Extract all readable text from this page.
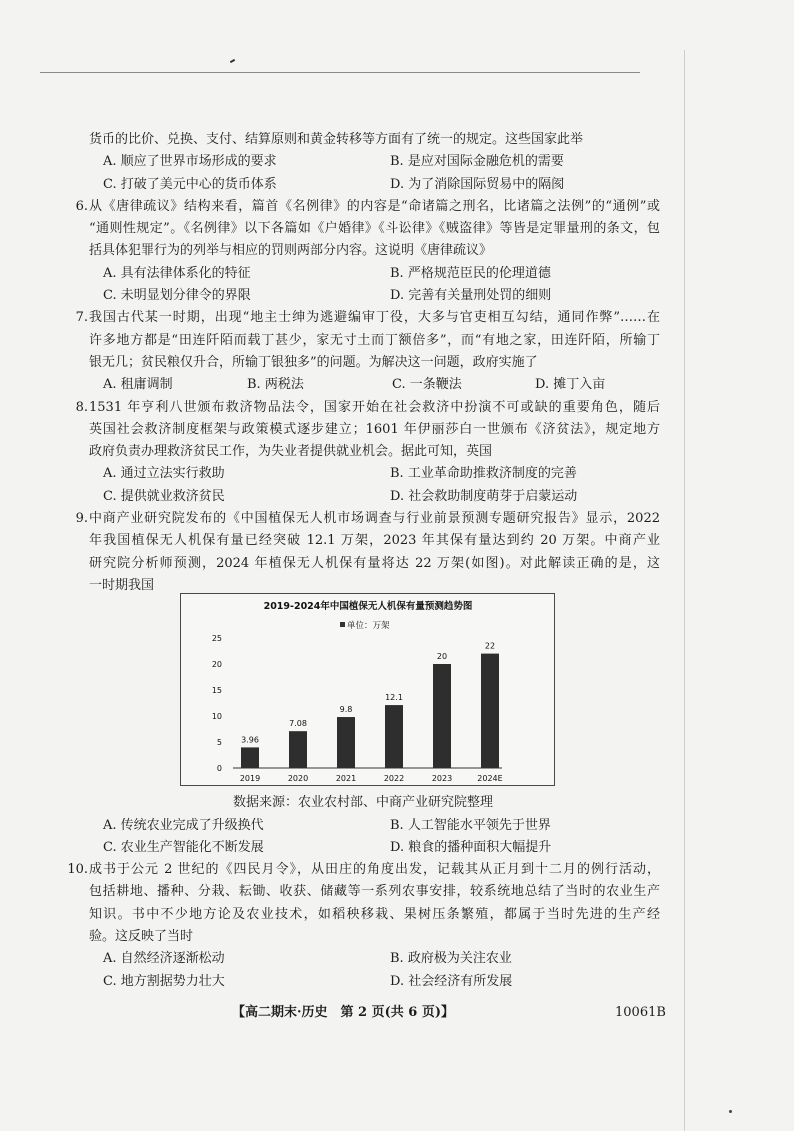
货币的比价、兑换、支付、结算原则和黄金转移等方面有了统一的规定。这些国家此举
A. 顺应了世界市场形成的要求	B. 是应对国际金融危机的需要
C. 打破了美元中心的货币体系	D. 为了消除国际贸易中的隔阂
6. 从《唐律疏议》结构来看，篇首《名例律》的内容是“命诸篇之刑名，比诸篇之法例”的“通例”或
“通则性规定”。《名例律》以下各篇如《户婚律》《斗讼律》《贼盗律》等皆是定罪量刑的条文，包
括具体犯罪行为的列举与相应的罚则两部分内容。这说明《唐律疏议》
A. 具有法律体系化的特征	B. 严格规范臣民的伦理道德
C. 未明显划分律令的界限	D. 完善有关量刑处罚的细则
7. 我国古代某一时期，出现“地主士绅为逃避编审丁役，大多与官吏相互勾结，通同作弊”……在
许多地方都是“田连阡陌而载丁甚少，家无寸土而丁额倍多”，而“有地之家，田连阡陌，所输丁
银无几；贫民粮仅升合，所输丁银独多”的问题。为解决这一问题，政府实施了
A. 租庸调制	B. 两税法	C. 一条鞭法	D. 摊丁入亩
8. 1531 年亨利八世颁布救济物品法令，国家开始在社会救济中扮演不可或缺的重要角色，随后
英国社会救济制度框架与政策模式逐步建立；1601 年伊丽莎白一世颁布《济贫法》，规定地方
政府负责办理救济贫民工作，为失业者提供就业机会。据此可知，英国
A. 通过立法实行救助	B. 工业革命助推救济制度的完善
C. 提供就业救济贫民	D. 社会救助制度萌芽于启蒙运动
9. 中商产业研究院发布的《中国植保无人机市场调查与行业前景预测专题研究报告》显示，2022
年我国植保无人机保有量已经突破 12.1 万架，2023 年其保有量达到约 20 万架。中商产业
研究院分析师预测，2024 年植保无人机保有量将达 22 万架(如图)。对此解读正确的是，这
一时期我国
2019-2024年中国植保无人机保有量预测趋势图
单位：万架
0
5
10
15
20
25
3.96
2019
7.08
2020
9.8
2021
12.1
2022
20
2023
22
2024E
数据来源：农业农村部、中商产业研究院整理
A. 传统农业完成了升级换代	B. 人工智能水平领先于世界
C. 农业生产智能化不断发展	D. 粮食的播种面积大幅提升
10. 成书于公元 2 世纪的《四民月令》，从田庄的角度出发，记载其从正月到十二月的例行活动，
包括耕地、播种、分栽、耘锄、收获、储藏等一系列农事安排，较系统地总结了当时的农业生产
知识。书中不少地方论及农业技术，如稻秧移栽、果树压条繁殖，都属于当时先进的生产经
验。这反映了当时
A. 自然经济逐渐松动	B. 政府极为关注农业
C. 地方割据势力壮大	D. 社会经济有所发展
【高二期末·历史　第 2 页(共 6 页)】	10061B
